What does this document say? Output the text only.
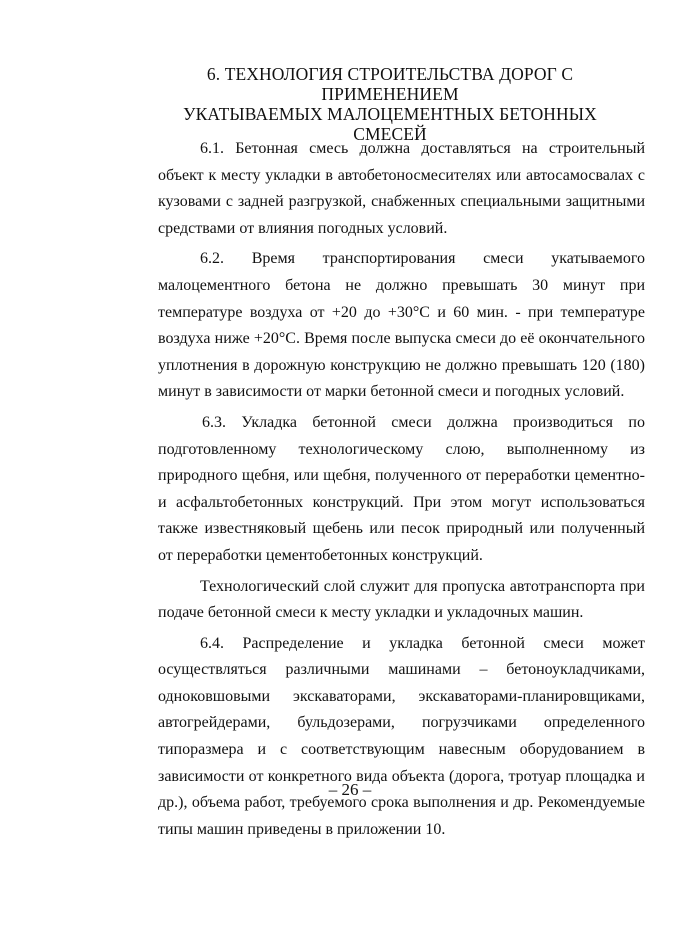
6. ТЕХНОЛОГИЯ СТРОИТЕЛЬСТВА ДОРОГ С ПРИМЕНЕНИЕМ
УКАТЫВАЕМЫХ МАЛОЦЕМЕНТНЫХ БЕТОННЫХ СМЕСЕЙ

6.1. Бетонная смесь должна доставляться на строительный объект к месту укладки в автобетоносмесителях или автосамосвалах с кузовами с задней разгрузкой, снабженных специальными защитными средствами от влияния погодных условий.

6.2. Время транспортирования смеси укатываемого малоцементного бетона не должно превышать 30 минут при температуре воздуха от +20 до +30°С и 60 мин. - при температуре воздуха ниже +20°С. Время после выпуска смеси до её окончательного уплотнения в дорожную конструкцию не должно превышать 120 (180) минут в зависимости от марки бетонной смеси и погодных условий.

6.3. Укладка бетонной смеси должна производиться по подготовленному технологическому слою, выполненному из природного щебня, или щебня, полученного от переработки цементно- и асфальтобетонных конструкций. При этом могут использоваться также известняковый щебень или песок природный или полученный от переработки цементобетонных конструкций.

Технологический слой служит для пропуска автотранспорта при подаче бетонной смеси к месту укладки и укладочных машин.

6.4. Распределение и укладка бетонной смеси может осуществляться различными машинами – бетоноукладчиками, одноковшовыми экскаваторами, экскаваторами-планировщиками, автогрейдерами, бульдозерами, погрузчиками определенного типоразмера и с соответствующим навесным оборудованием в зависимости от конкретного вида объекта (дорога, тротуар площадка и др.), объема работ, требуемого срока выполнения и др. Рекомендуемые типы машин приведены в приложении 10.

– 26 –
